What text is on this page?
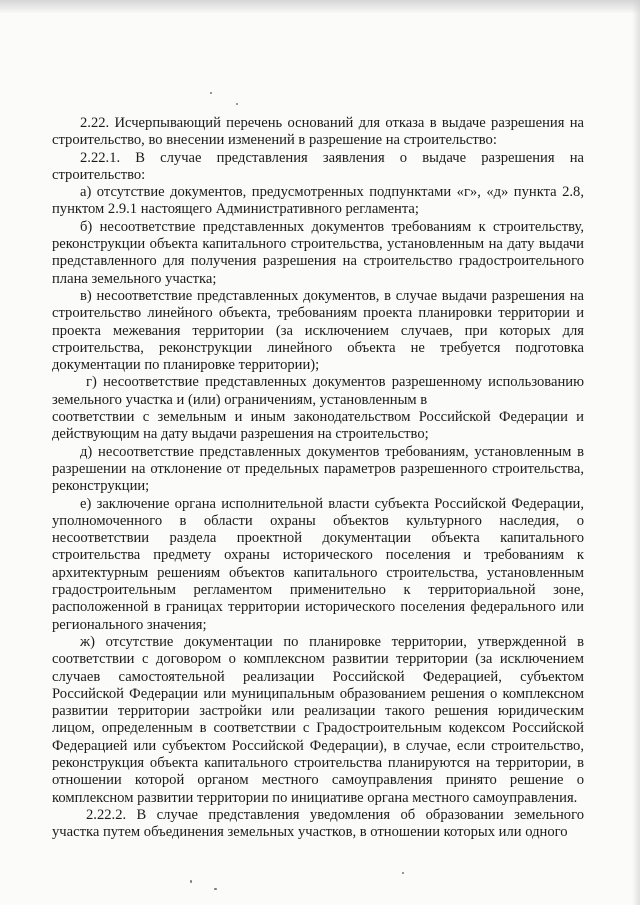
2.22. Исчерпывающий перечень оснований для отказа в выдаче разрешения на строительство, во внесении изменений в разрешение на строительство:

2.22.1. В случае представления заявления о выдаче разрешения на строительство:

а) отсутствие документов, предусмотренных подпунктами «г», «д» пункта 2.8, пунктом 2.9.1 настоящего Административного регламента;

б) несоответствие представленных документов требованиям к строительству, реконструкции объекта капитального строительства, установленным на дату выдачи представленного для получения разрешения на строительство градостроительного плана земельного участка;

в) несоответствие представленных документов, в случае выдачи разрешения на строительство линейного объекта, требованиям проекта планировки территории и проекта межевания территории (за исключением случаев, при которых для строительства, реконструкции линейного объекта не требуется подготовка документации по планировке территории);

г) несоответствие представленных документов разрешенному использованию земельного участка и (или) ограничениям, установленным в

соответствии с земельным и иным законодательством Российской Федерации и действующим на дату выдачи разрешения на строительство;

д) несоответствие представленных документов требованиям, установленным в разрешении на отклонение от предельных параметров разрешенного строительства, реконструкции;

е) заключение органа исполнительной власти субъекта Российской Федерации, уполномоченного в области охраны объектов культурного наследия, о несоответствии раздела проектной документации объекта капитального строительства предмету охраны исторического поселения и требованиям к архитектурным решениям объектов капитального строительства, установленным градостроительным регламентом применительно к территориальной зоне, расположенной в границах территории исторического поселения федерального или регионального значения;

ж) отсутствие документации по планировке территории, утвержденной в соответствии с договором о комплексном развитии территории (за исключением случаев самостоятельной реализации Российской Федерацией, субъектом Российской Федерации или муниципальным образованием решения о комплексном развитии территории застройки или реализации такого решения юридическим лицом, определенным в соответствии с Градостроительным кодексом Российской Федерацией или субъектом Российской Федерации), в случае, если строительство, реконструкция объекта капитального строительства планируются на территории, в отношении которой органом местного самоуправления принято решение о комплексном развитии территории по инициативе органа местного самоуправления.

2.22.2. В случае представления уведомления об образовании земельного участка путем объединения земельных участков, в отношении которых или одного
